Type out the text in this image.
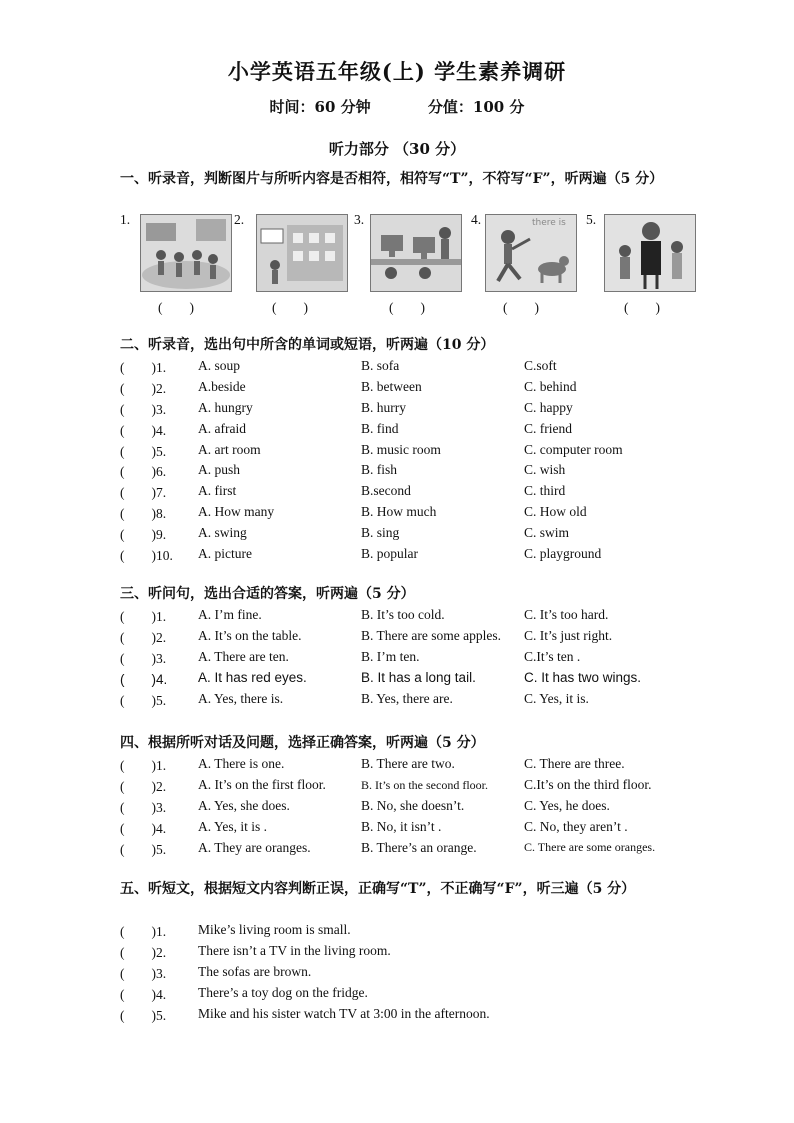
小学英语五年级(上) 学生素养调研
时间：60 分钟	分值：100 分
听力部分 （30 分）
一、听录音，判断图片与所听内容是否相符，相符写“T”，不符写“F”，听两遍（5 分）
1.	2.	3.	4.	there is 5.
(　　)	(　　)	(　　)	(　　)	(　　)
二、听录音，选出句中所含的单词或短语，听两遍（10 分）
(　　)1.	A. soup	B. sofa	C.soft
(　　)2.	A.beside	B. between	C. behind
(　　)3.	A. hungry	B. hurry	C. happy
(　　)4.	A. afraid	B. find	C. friend
(　　)5.	A. art room	B. music room	C. computer room
(　　)6.	A. push	B. fish	C. wish
(　　)7.	A. first	B.second	C. third
(　　)8.	A. How many	B. How much	C. How old
(　　)9.	A. swing	B. sing	C. swim
(　　)10.	A. picture	B. popular	C. playground
三、听问句，选出合适的答案，听两遍（5 分）
(　　)1.	A. I’m fine.	B. It’s too cold.	C. It’s too hard.
(　　)2.	A. It’s on the table.	B. There are some apples.	C. It’s just right.
(　　)3.	A. There are ten.	B. I’m ten.	C.It’s ten .
(　　)4.	A. It has red eyes.	B. It has a long tail.	C. It has two wings.
(　　)5.	A. Yes, there is.	B. Yes, there are.	C. Yes, it is.
四、根据所听对话及问题，选择正确答案，听两遍（5 分）
(　　)1.	A. There is one.	B. There are two.	C. There are three.
(　　)2.	A. It’s on the first floor.	B. It’s on the second floor.	C.It’s on the third floor.
(　　)3.	A. Yes, she does.	B. No, she doesn’t.	C. Yes, he does.
(　　)4.	A. Yes, it is .	B. No, it isn’t .	C. No, they aren’t .
(　　)5.	A. They are oranges.	B. There’s an orange.	C. There are some oranges.
五、听短文，根据短文内容判断正误，正确写“T”，不正确写“F”，听三遍（5 分）
(　　)1.	Mike’s living room is small.
(　　)2.	There isn’t a TV in the living room.
(　　)3.	The sofas are brown.
(　　)4.	There’s a toy dog on the fridge.
(　　)5.	Mike and his sister watch TV at 3:00 in the afternoon.
